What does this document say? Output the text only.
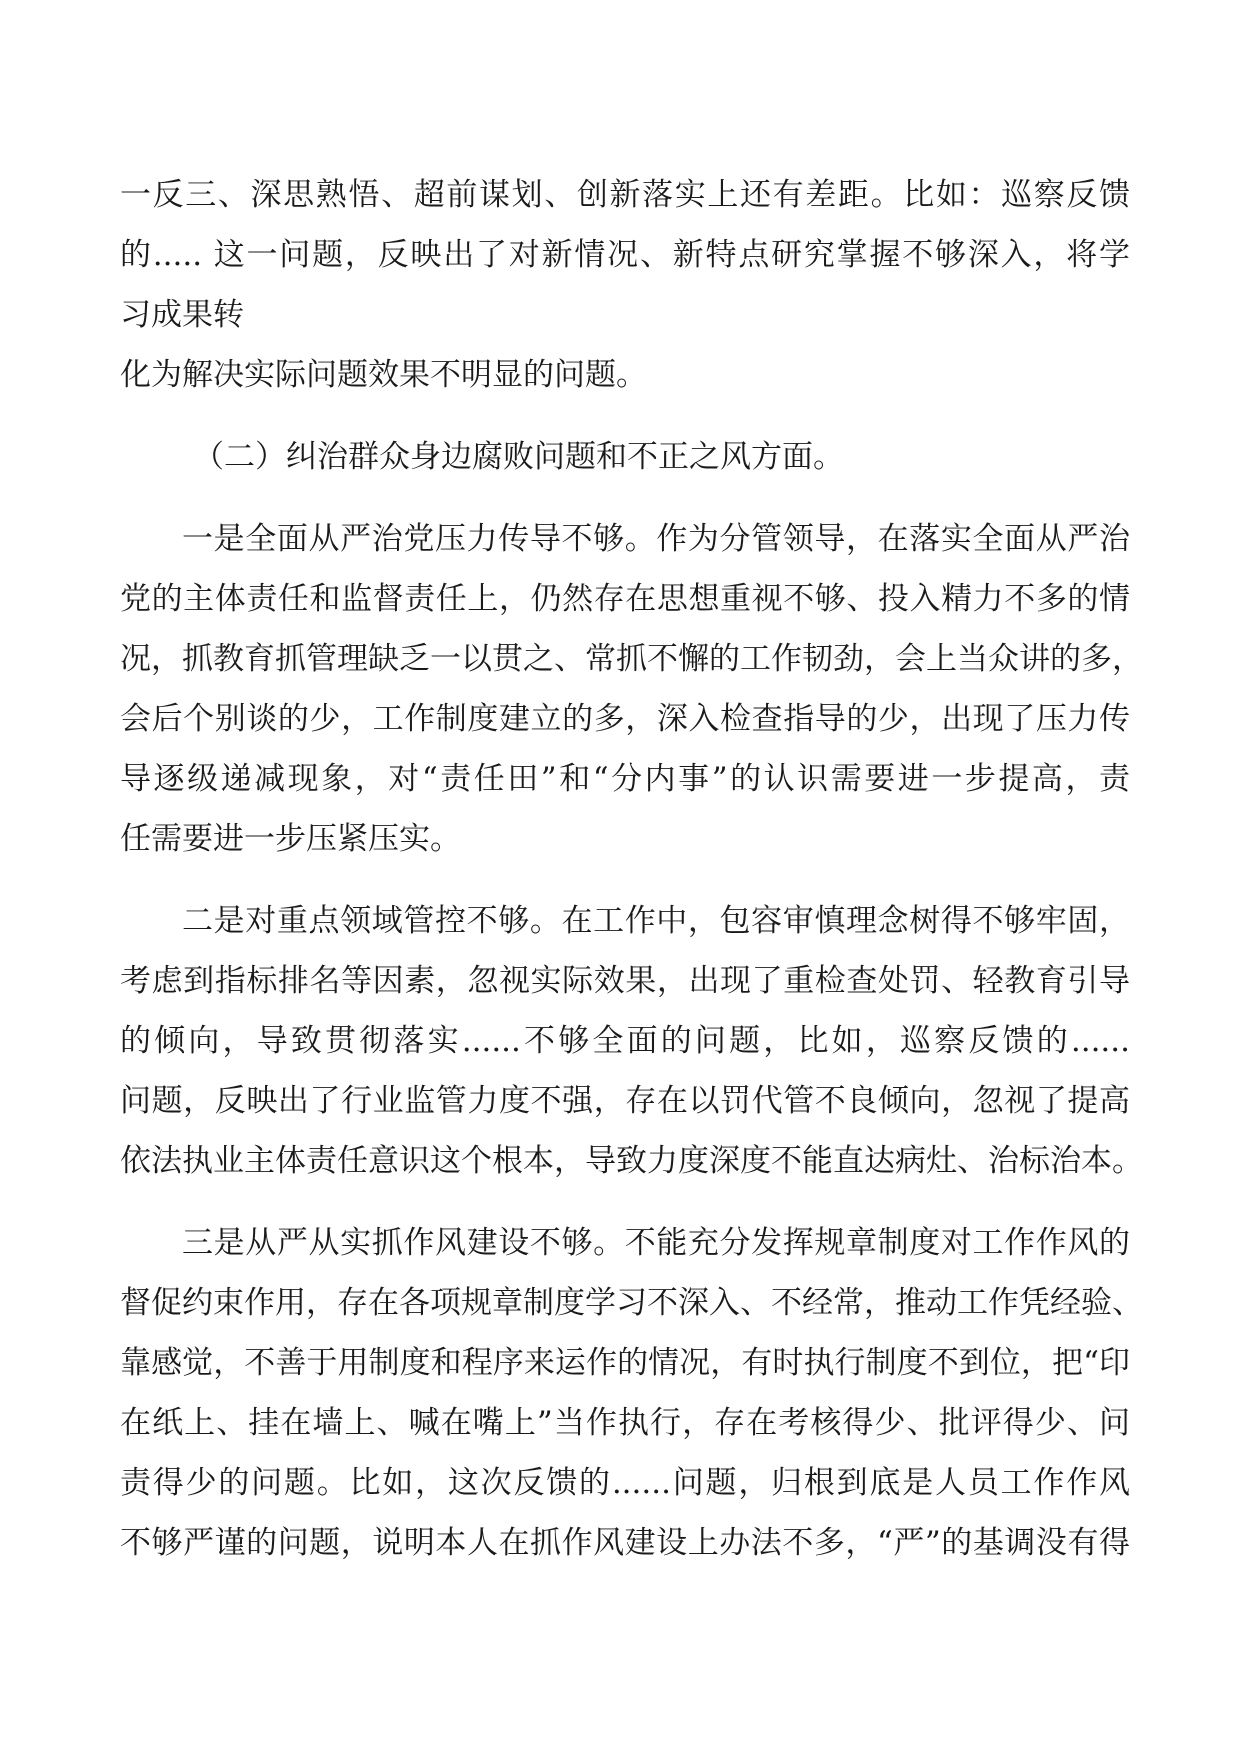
一反三、深思熟悟、超前谋划、创新落实上还有差距。比如：巡察反馈
的..... 这一问题，反映出了对新情况、新特点研究掌握不够深入，将学
习成果转
化为解决实际问题效果不明显的问题。
（二）纠治群众身边腐败问题和不正之风方面。
一是全面从严治党压力传导不够。作为分管领导，在落实全面从严治
党的主体责任和监督责任上，仍然存在思想重视不够、投入精力不多的情
况，抓教育抓管理缺乏一以贯之、常抓不懈的工作韧劲，会上当众讲的多，
会后个别谈的少，工作制度建立的多，深入检查指导的少，出现了压力传
导逐级递减现象，对“责任田”和“分内事”的认识需要进一步提高，责
任需要进一步压紧压实。
二是对重点领域管控不够。在工作中，包容审慎理念树得不够牢固，
考虑到指标排名等因素，忽视实际效果，出现了重检查处罚、轻教育引导
的倾向，导致贯彻落实......不够全面的问题，比如，巡察反馈的......
问题，反映出了行业监管力度不强，存在以罚代管不良倾向，忽视了提高
依法执业主体责任意识这个根本，导致力度深度不能直达病灶、治标治本。
三是从严从实抓作风建设不够。不能充分发挥规章制度对工作作风的
督促约束作用，存在各项规章制度学习不深入、不经常，推动工作凭经验、
靠感觉，不善于用制度和程序来运作的情况，有时执行制度不到位，把“印
在纸上、挂在墙上、喊在嘴上”当作执行，存在考核得少、批评得少、问
责得少的问题。比如，这次反馈的......问题，归根到底是人员工作作风
不够严谨的问题，说明本人在抓作风建设上办法不多，“严”的基调没有得
